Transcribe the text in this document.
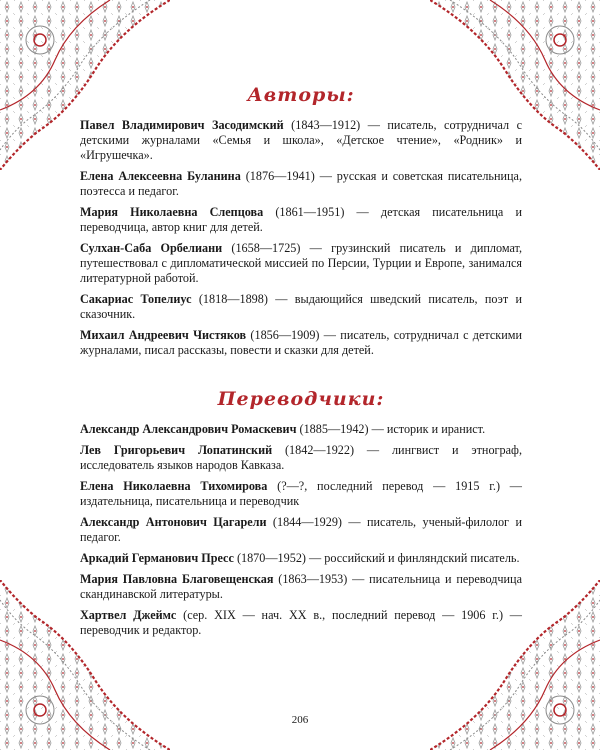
Авторы:

Павел Владимирович Засодимский (1843—1912) — писатель, сотрудничал с детскими журналами «Семья и школа», «Детское чтение», «Родник» и «Игрушечка».

Елена Алексеевна Буланина (1876—1941) — русская и советская писательница, поэтесса и педагог.

Мария Николаевна Слепцова (1861—1951) — детская писательница и переводчица, автор книг для детей.

Сулхан-Саба Орбелиани (1658—1725) — грузинский писатель и дипломат, путешествовал с дипломатической миссией по Персии, Турции и Европе, занимался литературной работой.

Сакариас Топелиус (1818—1898) — выдающийся шведский писатель, поэт и сказочник.

Михаил Андреевич Чистяков (1856—1909) — писатель, сотрудничал с детскими журналами, писал рассказы, повести и сказки для детей.

Переводчики:

Александр Александрович Ромаскевич (1885—1942) — историк и иранист.

Лев Григорьевич Лопатинский (1842—1922) — лингвист и этнограф, исследователь языков народов Кавказа.

Елена Николаевна Тихомирова (?—?, последний перевод — 1915 г.) — издательница, писательница и переводчик

Александр Антонович Цагарели (1844—1929) — писатель, ученый-филолог и педагог.

Аркадий Германович Пресс (1870—1952) — российский и финляндский писатель.

Мария Павловна Благовещенская (1863—1953) — писательница и переводчица скандинавской литературы.

Хартвел Джеймс (сер. XIX — нач. XX в., последний перевод — 1906 г.) — переводчик и редактор.

206
